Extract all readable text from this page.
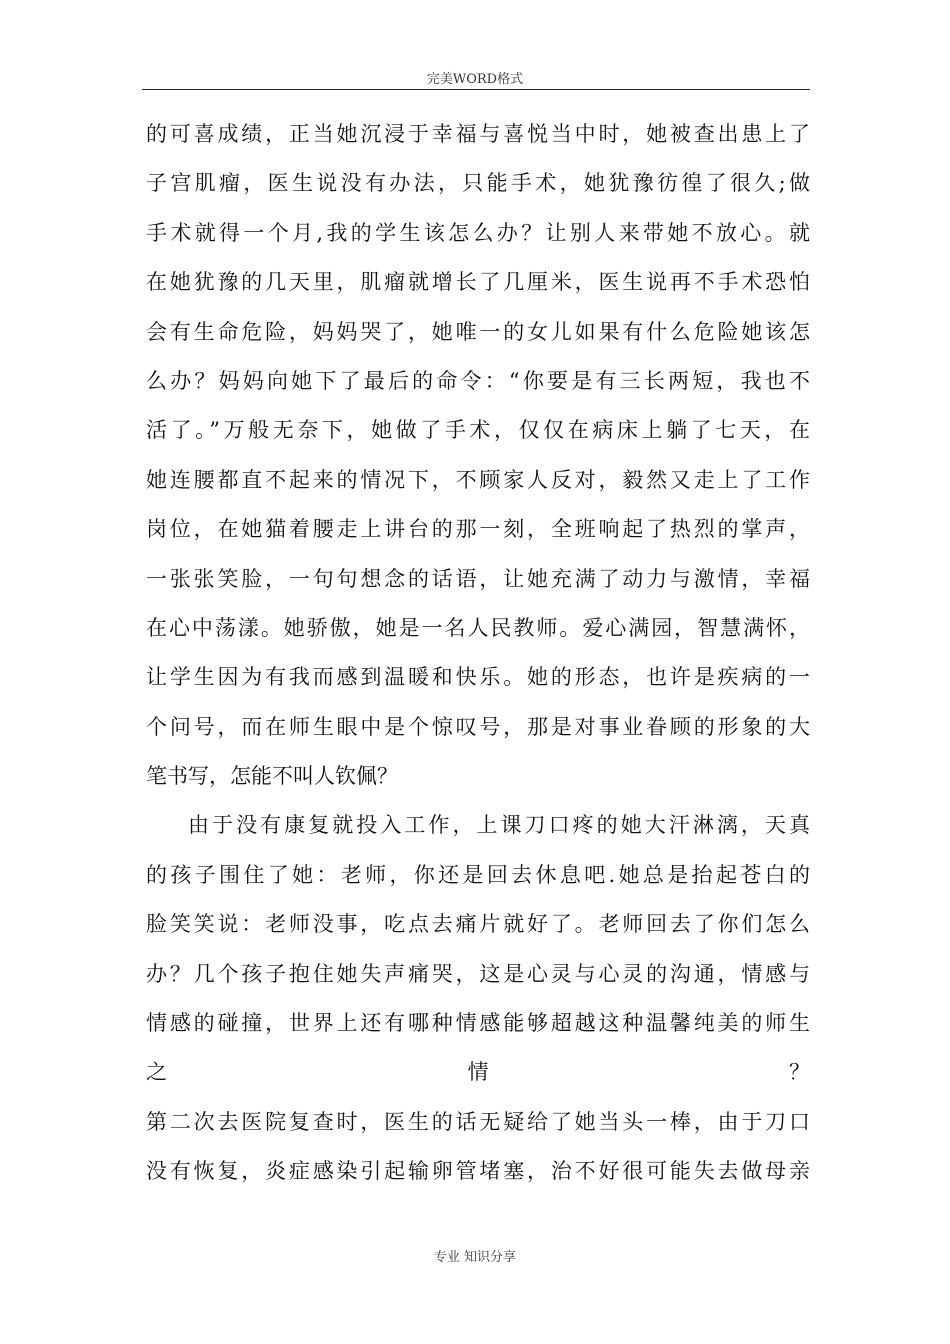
完美WORD格式
的可喜成绩，正当她沉浸于幸福与喜悦当中时，她被查出患上了
子宫肌瘤，医生说没有办法，只能手术，她犹豫彷徨了很久;做
手术就得一个月,我的学生该怎么办？让别人来带她不放心。就
在她犹豫的几天里，肌瘤就增长了几厘米，医生说再不手术恐怕
会有生命危险，妈妈哭了，她唯一的女儿如果有什么危险她该怎
么办？妈妈向她下了最后的命令：“你要是有三长两短，我也不
活了。”万般无奈下，她做了手术，仅仅在病床上躺了七天，在
她连腰都直不起来的情况下，不顾家人反对，毅然又走上了工作
岗位，在她猫着腰走上讲台的那一刻，全班响起了热烈的掌声，
一张张笑脸，一句句想念的话语，让她充满了动力与激情，幸福
在心中荡漾。她骄傲，她是一名人民教师。爱心满园，智慧满怀，
让学生因为有我而感到温暖和快乐。她的形态，也许是疾病的一
个问号，而在师生眼中是个惊叹号，那是对事业眷顾的形象的大
笔书写，怎能不叫人钦佩？
由于没有康复就投入工作，上课刀口疼的她大汗淋漓，天真
的孩子围住了她：老师，你还是回去休息吧.她总是抬起苍白的
脸笑笑说：老师没事，吃点去痛片就好了。老师回去了你们怎么
办？几个孩子抱住她失声痛哭，这是心灵与心灵的沟通，情感与
情感的碰撞，世界上还有哪种情感能够超越这种温馨纯美的师生
之情？
第二次去医院复查时，医生的话无疑给了她当头一棒，由于刀口
没有恢复，炎症感染引起输卵管堵塞，治不好很可能失去做母亲
专业 知识分享
